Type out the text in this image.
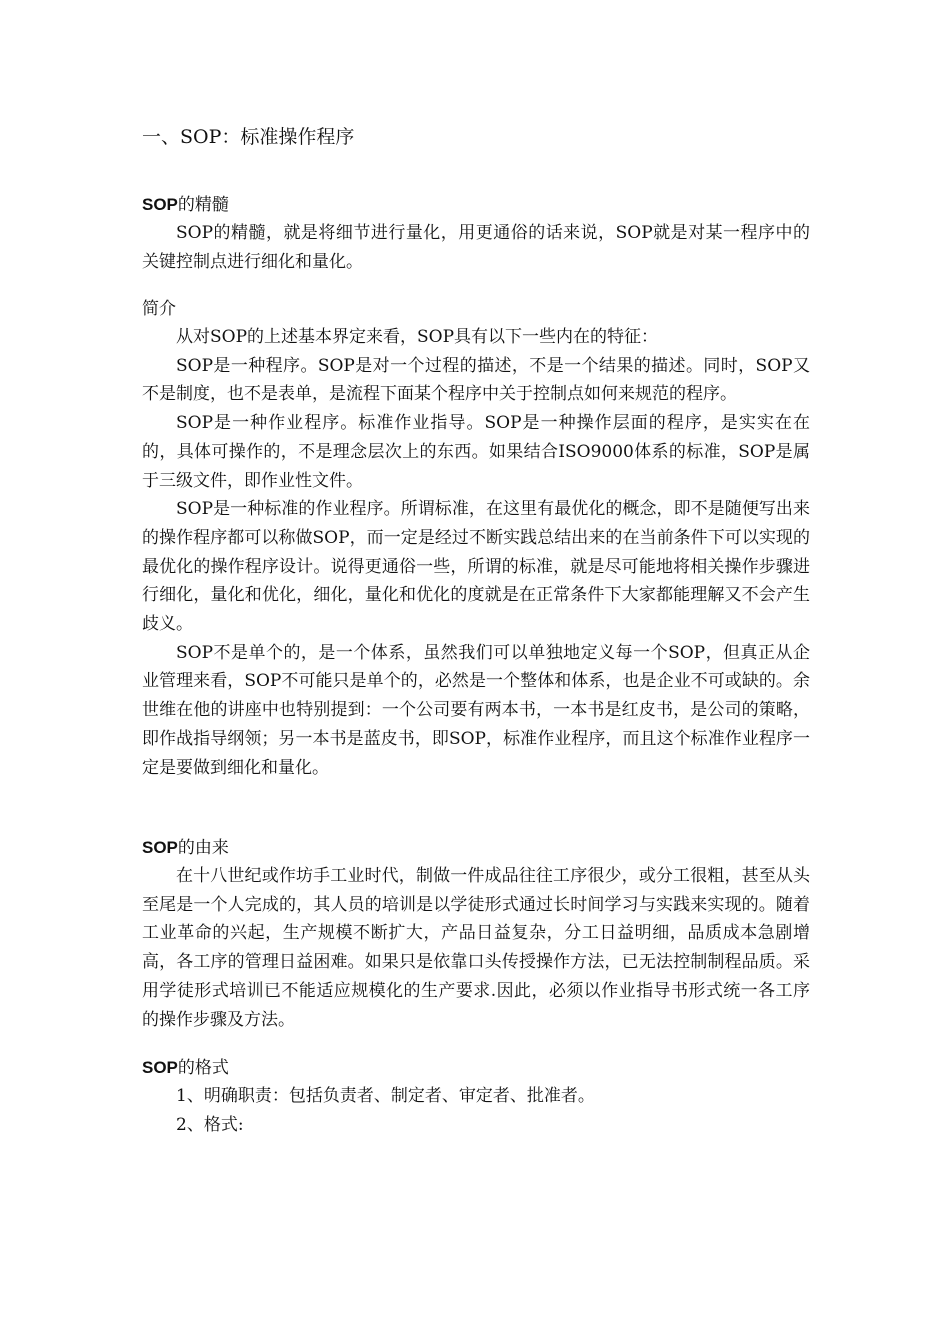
一、SOP：标准操作程序
SOP的精髓

SOP的精髓，就是将细节进行量化，用更通俗的话来说，SOP就是对某一程序中的关键控制点进行细化和量化。

简介

从对SOP的上述基本界定来看，SOP具有以下一些内在的特征：

SOP是一种程序。SOP是对一个过程的描述，不是一个结果的描述。同时，SOP又不是制度，也不是表单，是流程下面某个程序中关于控制点如何来规范的程序。

SOP是一种作业程序。标准作业指导。SOP是一种操作层面的程序，是实实在在的，具体可操作的，不是理念层次上的东西。如果结合ISO9000体系的标准，SOP是属于三级文件，即作业性文件。

SOP是一种标准的作业程序。所谓标准，在这里有最优化的概念，即不是随便写出来的操作程序都可以称做SOP，而一定是经过不断实践总结出来的在当前条件下可以实现的最优化的操作程序设计。说得更通俗一些，所谓的标准，就是尽可能地将相关操作步骤进行细化，量化和优化，细化，量化和优化的度就是在正常条件下大家都能理解又不会产生歧义。

SOP不是单个的，是一个体系，虽然我们可以单独地定义每一个SOP，但真正从企业管理来看，SOP不可能只是单个的，必然是一个整体和体系，也是企业不可或缺的。余世维在他的讲座中也特别提到：一个公司要有两本书，一本书是红皮书，是公司的策略，即作战指导纲领；另一本书是蓝皮书，即SOP，标准作业程序，而且这个标准作业程序一定是要做到细化和量化。

SOP的由来

在十八世纪或作坊手工业时代，制做一件成品往往工序很少，或分工很粗，甚至从头至尾是一个人完成的，其人员的培训是以学徒形式通过长时间学习与实践来实现的。随着工业革命的兴起，生产规模不断扩大，产品日益复杂，分工日益明细，品质成本急剧增高，各工序的管理日益困难。如果只是依靠口头传授操作方法，已无法控制制程品质。采用学徒形式培训已不能适应规模化的生产要求.因此，必须以作业指导书形式统一各工序的操作步骤及方法。

SOP的格式

1、明确职责：包括负责者、制定者、审定者、批准者。

2、格式:
